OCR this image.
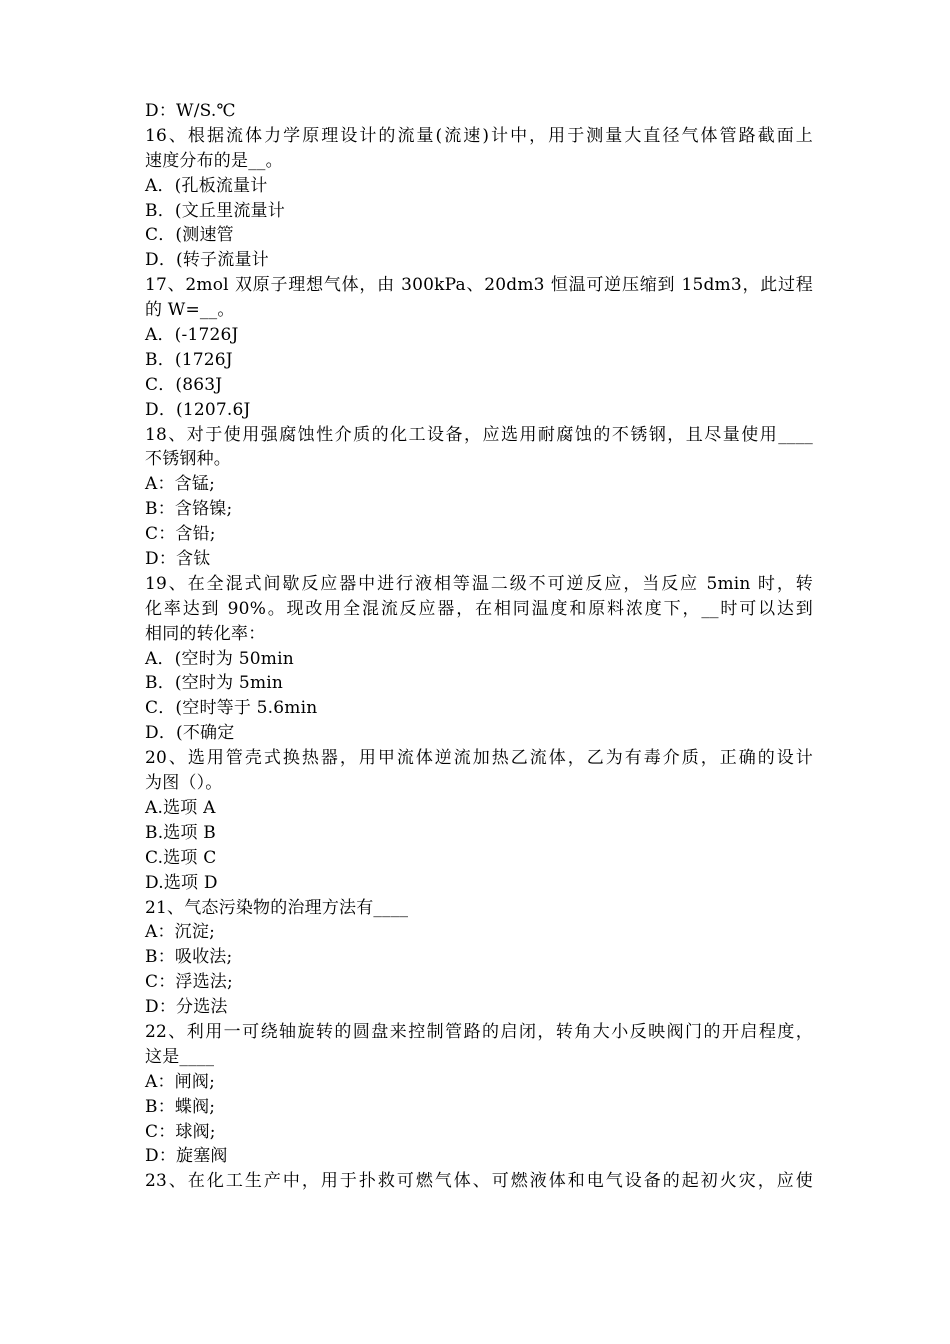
D：W/S.℃
16、根据流体力学原理设计的流量(流速)计中，用于测量大直径气体管路截面上
速度分布的是__。
A．(孔板流量计
B．(文丘里流量计
C．(测速管
D．(转子流量计
17、2mol 双原子理想气体，由 300kPa、20dm3 恒温可逆压缩到 15dm3，此过程
的 W=__。
A．(-1726J
B．(1726J
C．(863J
D．(1207.6J
18、对于使用强腐蚀性介质的化工设备，应选用耐腐蚀的不锈钢，且尽量使用____
不锈钢种。
A：含锰;
B：含铬镍;
C：含铅;
D：含钛
19、在全混式间歇反应器中进行液相等温二级不可逆反应，当反应 5min 时，转
化率达到 90%。现改用全混流反应器，在相同温度和原料浓度下，__时可以达到
相同的转化率：
A．(空时为 50min
B．(空时为 5min
C．(空时等于 5.6min
D．(不确定
20、选用管壳式换热器，用甲流体逆流加热乙流体，乙为有毒介质，正确的设计
为图（）。
A.选项 A
B.选项 B
C.选项 C
D.选项 D
21、气态污染物的治理方法有____
A：沉淀;
B：吸收法;
C：浮选法;
D：分选法
22、利用一可绕轴旋转的圆盘来控制管路的启闭，转角大小反映阀门的开启程度，
这是____
A：闸阀;
B：蝶阀;
C：球阀;
D：旋塞阀
23、在化工生产中，用于扑救可燃气体、可燃液体和电气设备的起初火灾，应使
